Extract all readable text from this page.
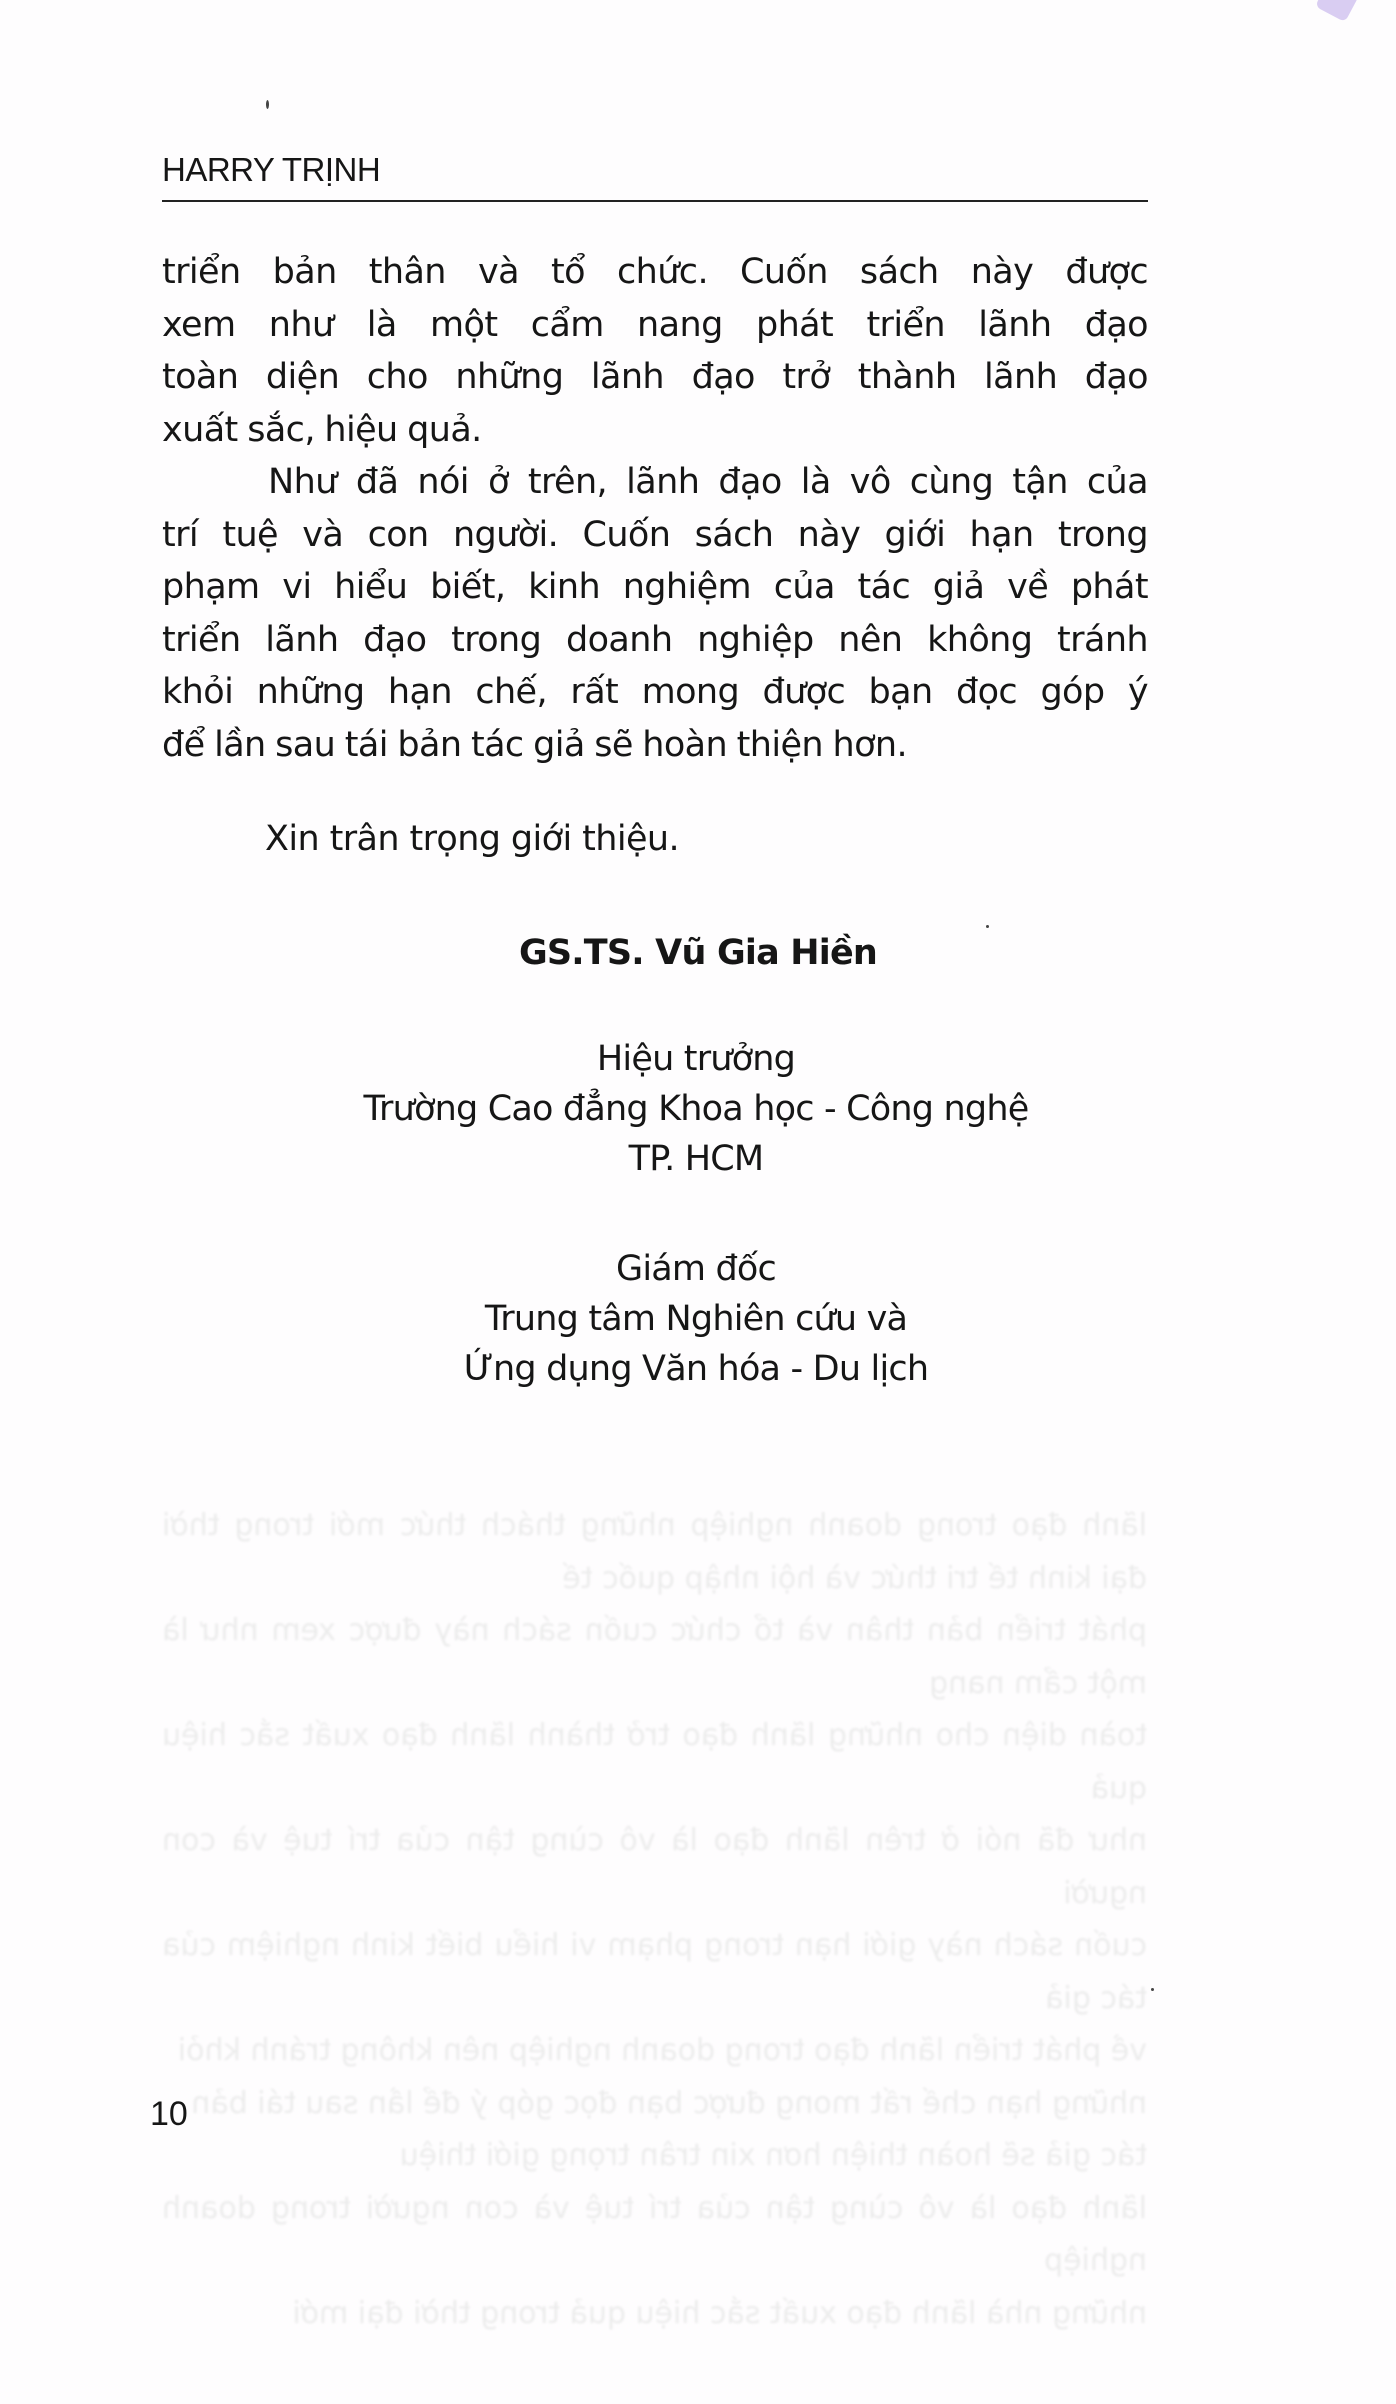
lãnh đạo trong doanh nghiệp những thách thức mới trong thời đại kinh tế tri thức và hội nhập quốc tế
phát triển bản thân và tổ chức cuốn sách này được xem như là một cẩm nang
toàn diện cho những lãnh đạo trở thành lãnh đạo xuất sắc hiệu quả
như đã nói ở trên lãnh đạo là vô cùng tận của trí tuệ và con người
cuốn sách này giới hạn trong phạm vi hiểu biết kinh nghiệm của tác giả
về phát triển lãnh đạo trong doanh nghiệp nên không tránh khỏi
những hạn chế rất mong được bạn đọc góp ý để lần sau tái bản
tác giả sẽ hoàn thiện hơn xin trân trọng giới thiệu
lãnh đạo là vô cùng tận của trí tuệ và con người trong doanh nghiệp
những nhà lãnh đạo xuất sắc hiệu quả trong thời đại mới
HARRY TRỊNH

triển bản thân và tổ chức. Cuốn sách này được
xem như là một cẩm nang phát triển lãnh đạo
toàn diện cho những lãnh đạo trở thành lãnh đạo
xuất sắc, hiệu quả.

Như đã nói ở trên, lãnh đạo là vô cùng tận của
trí tuệ và con người. Cuốn sách này giới hạn trong
phạm vi hiểu biết, kinh nghiệm của tác giả về phát
triển lãnh đạo trong doanh nghiệp nên không tránh
khỏi những hạn chế, rất mong được bạn đọc góp ý
để lần sau tái bản tác giả sẽ hoàn thiện hơn.

Xin trân trọng giới thiệu.
GS.TS. Vũ Gia Hiền
Hiệu trưởng
Trường Cao đẳng Khoa học - Công nghệ
TP. HCM
Giám đốc
Trung tâm Nghiên cứu và
Ứng dụng Văn hóa - Du lịch
10
